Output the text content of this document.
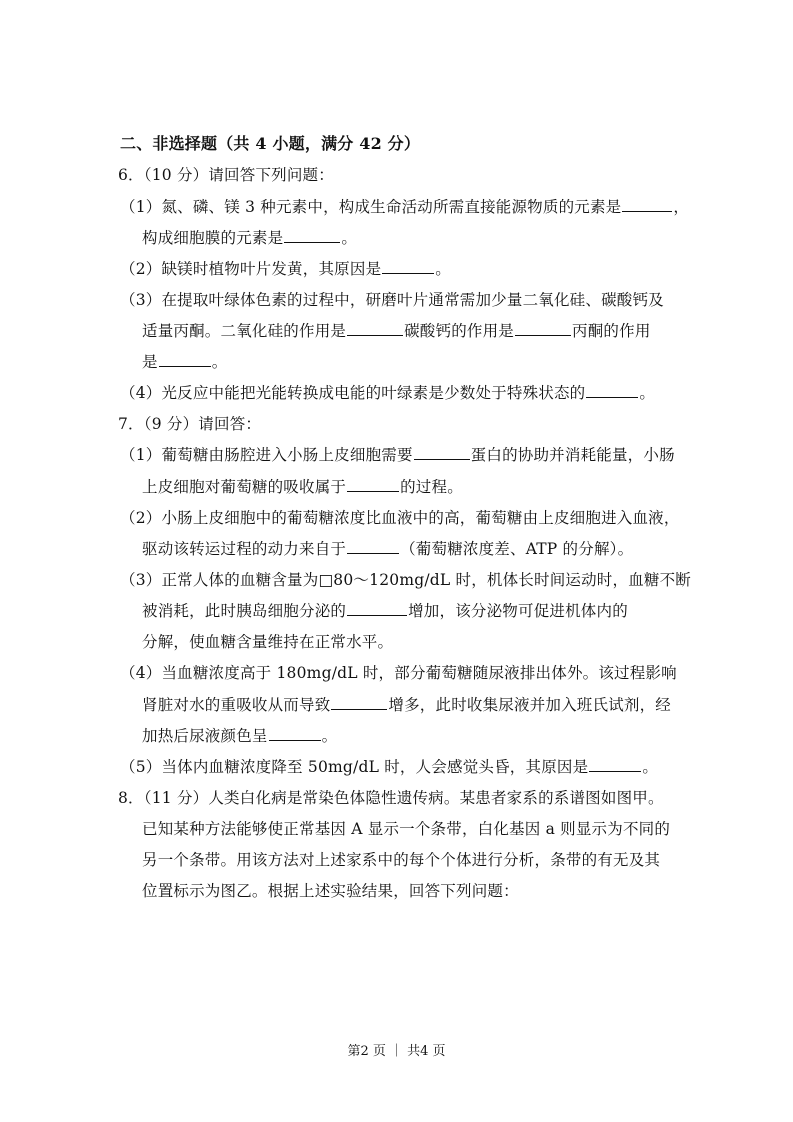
二、非选择题（共 4 小题，满分 42 分）
6．（10 分）请回答下列问题：
（1）氮、磷、镁 3 种元素中，构成生命活动所需直接能源物质的元素是	，
构成细胞膜的元素是	。
（2）缺镁时植物叶片发黄，其原因是	。
（3）在提取叶绿体色素的过程中，研磨叶片通常需加少量二氧化硅、碳酸钙及
适量丙酮。二氧化硅的作用是	碳酸钙的作用是	丙酮的作用
是	。
（4）光反应中能把光能转换成电能的叶绿素是少数处于特殊状态的	。
7．（9 分）请回答：
（1）葡萄糖由肠腔进入小肠上皮细胞需要	蛋白的协助并消耗能量，小肠
上皮细胞对葡萄糖的吸收属于	的过程。
（2）小肠上皮细胞中的葡萄糖浓度比血液中的高，葡萄糖由上皮细胞进入血液，
驱动该转运过程的动力来自于	（葡萄糖浓度差、ATP 的分解）。
（3）正常人体的血糖含量为□80～120mg/dL 时，机体长时间运动时，血糖不断
被消耗，此时胰岛细胞分泌的	增加，该分泌物可促进机体内的
分解，使血糖含量维持在正常水平。
（4）当血糖浓度高于 180mg/dL 时，部分葡萄糖随尿液排出体外。该过程影响
肾脏对水的重吸收从而导致	增多，此时收集尿液并加入班氏试剂，经
加热后尿液颜色呈	。
（5）当体内血糖浓度降至 50mg/dL 时，人会感觉头昏，其原因是	。
8．（11 分）人类白化病是常染色体隐性遗传病。某患者家系的系谱图如图甲。
已知某种方法能够使正常基因 A 显示一个条带，白化基因 a 则显示为不同的
另一个条带。用该方法对上述家系中的每个个体进行分析，条带的有无及其
位置标示为图乙。根据上述实验结果，回答下列问题：
第2 页 ｜ 共4 页
